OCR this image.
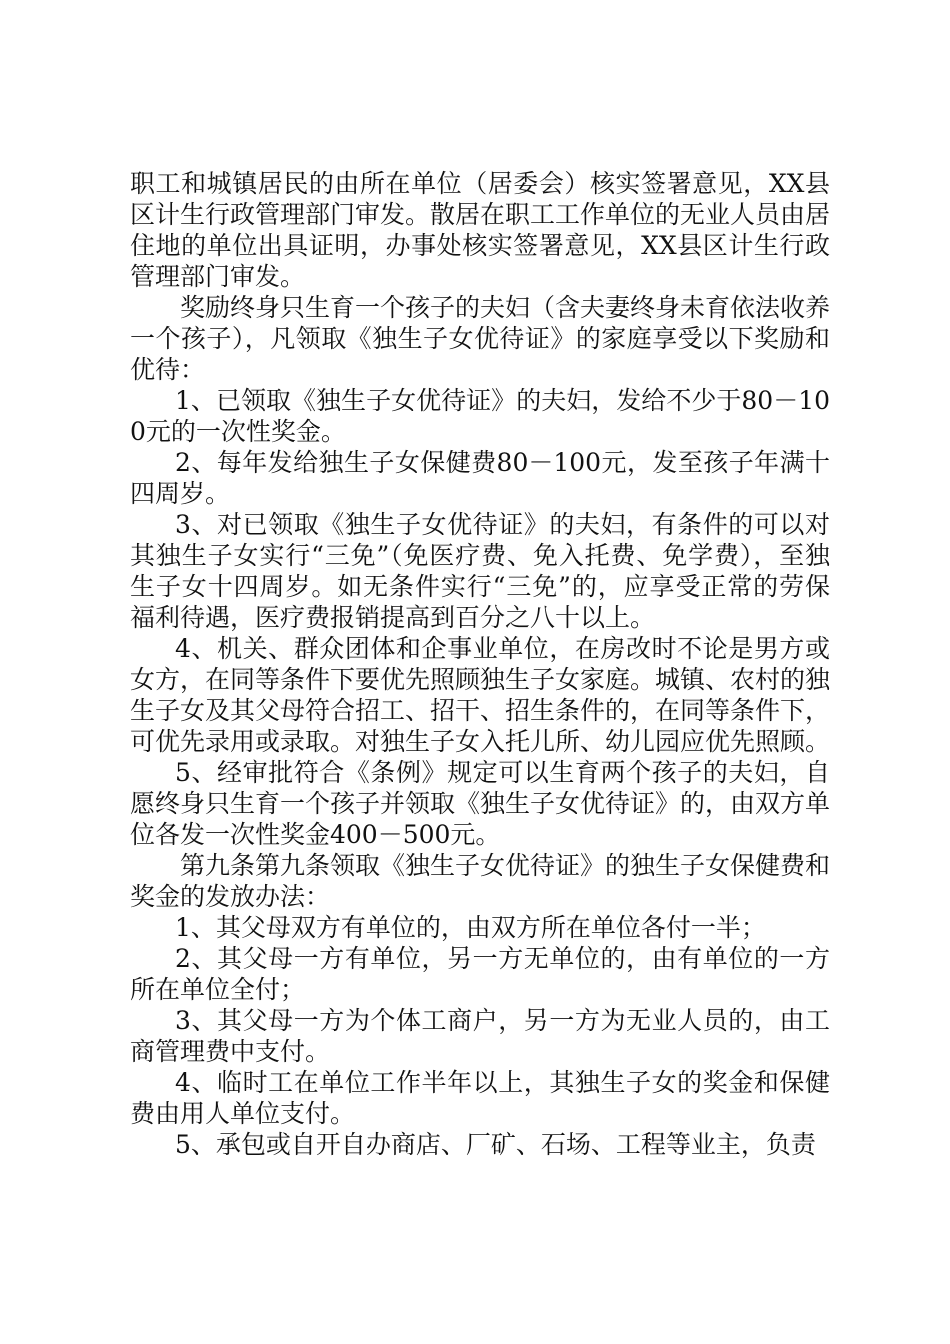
职工和城镇居民的由所在单位（居委会）核实签署意见，XX县区计生行政管理部门审发。散居在职工工作单位的无业人员由居住地的单位出具证明，办事处核实签署意见，XX县区计生行政管理部门审发。

奖励终身只生育一个孩子的夫妇（含夫妻终身未育依法收养一个孩子），凡领取《独生子女优待证》的家庭享受以下奖励和优待：

1、已领取《独生子女优待证》的夫妇，发给不少于80－100元的一次性奖金。

2、每年发给独生子女保健费80－100元，发至孩子年满十四周岁。

3、对已领取《独生子女优待证》的夫妇，有条件的可以对其独生子女实行“三免”（免医疗费、免入托费、免学费），至独生子女十四周岁。如无条件实行“三免”的，应享受正常的劳保福利待遇，医疗费报销提高到百分之八十以上。

4、机关、群众团体和企事业单位，在房改时不论是男方或女方，在同等条件下要优先照顾独生子女家庭。城镇、农村的独生子女及其父母符合招工、招干、招生条件的，在同等条件下，可优先录用或录取。对独生子女入托儿所、幼儿园应优先照顾。

5、经审批符合《条例》规定可以生育两个孩子的夫妇，自愿终身只生育一个孩子并领取《独生子女优待证》的，由双方单位各发一次性奖金400－500元。

第九条第九条领取《独生子女优待证》的独生子女保健费和奖金的发放办法：

1、其父母双方有单位的，由双方所在单位各付一半；

2、其父母一方有单位，另一方无单位的，由有单位的一方所在单位全付；

3、其父母一方为个体工商户，另一方为无业人员的，由工商管理费中支付。

4、临时工在单位工作半年以上，其独生子女的奖金和保健费由用人单位支付。

5、承包或自开自办商店、厂矿、石场、工程等业主，负责
